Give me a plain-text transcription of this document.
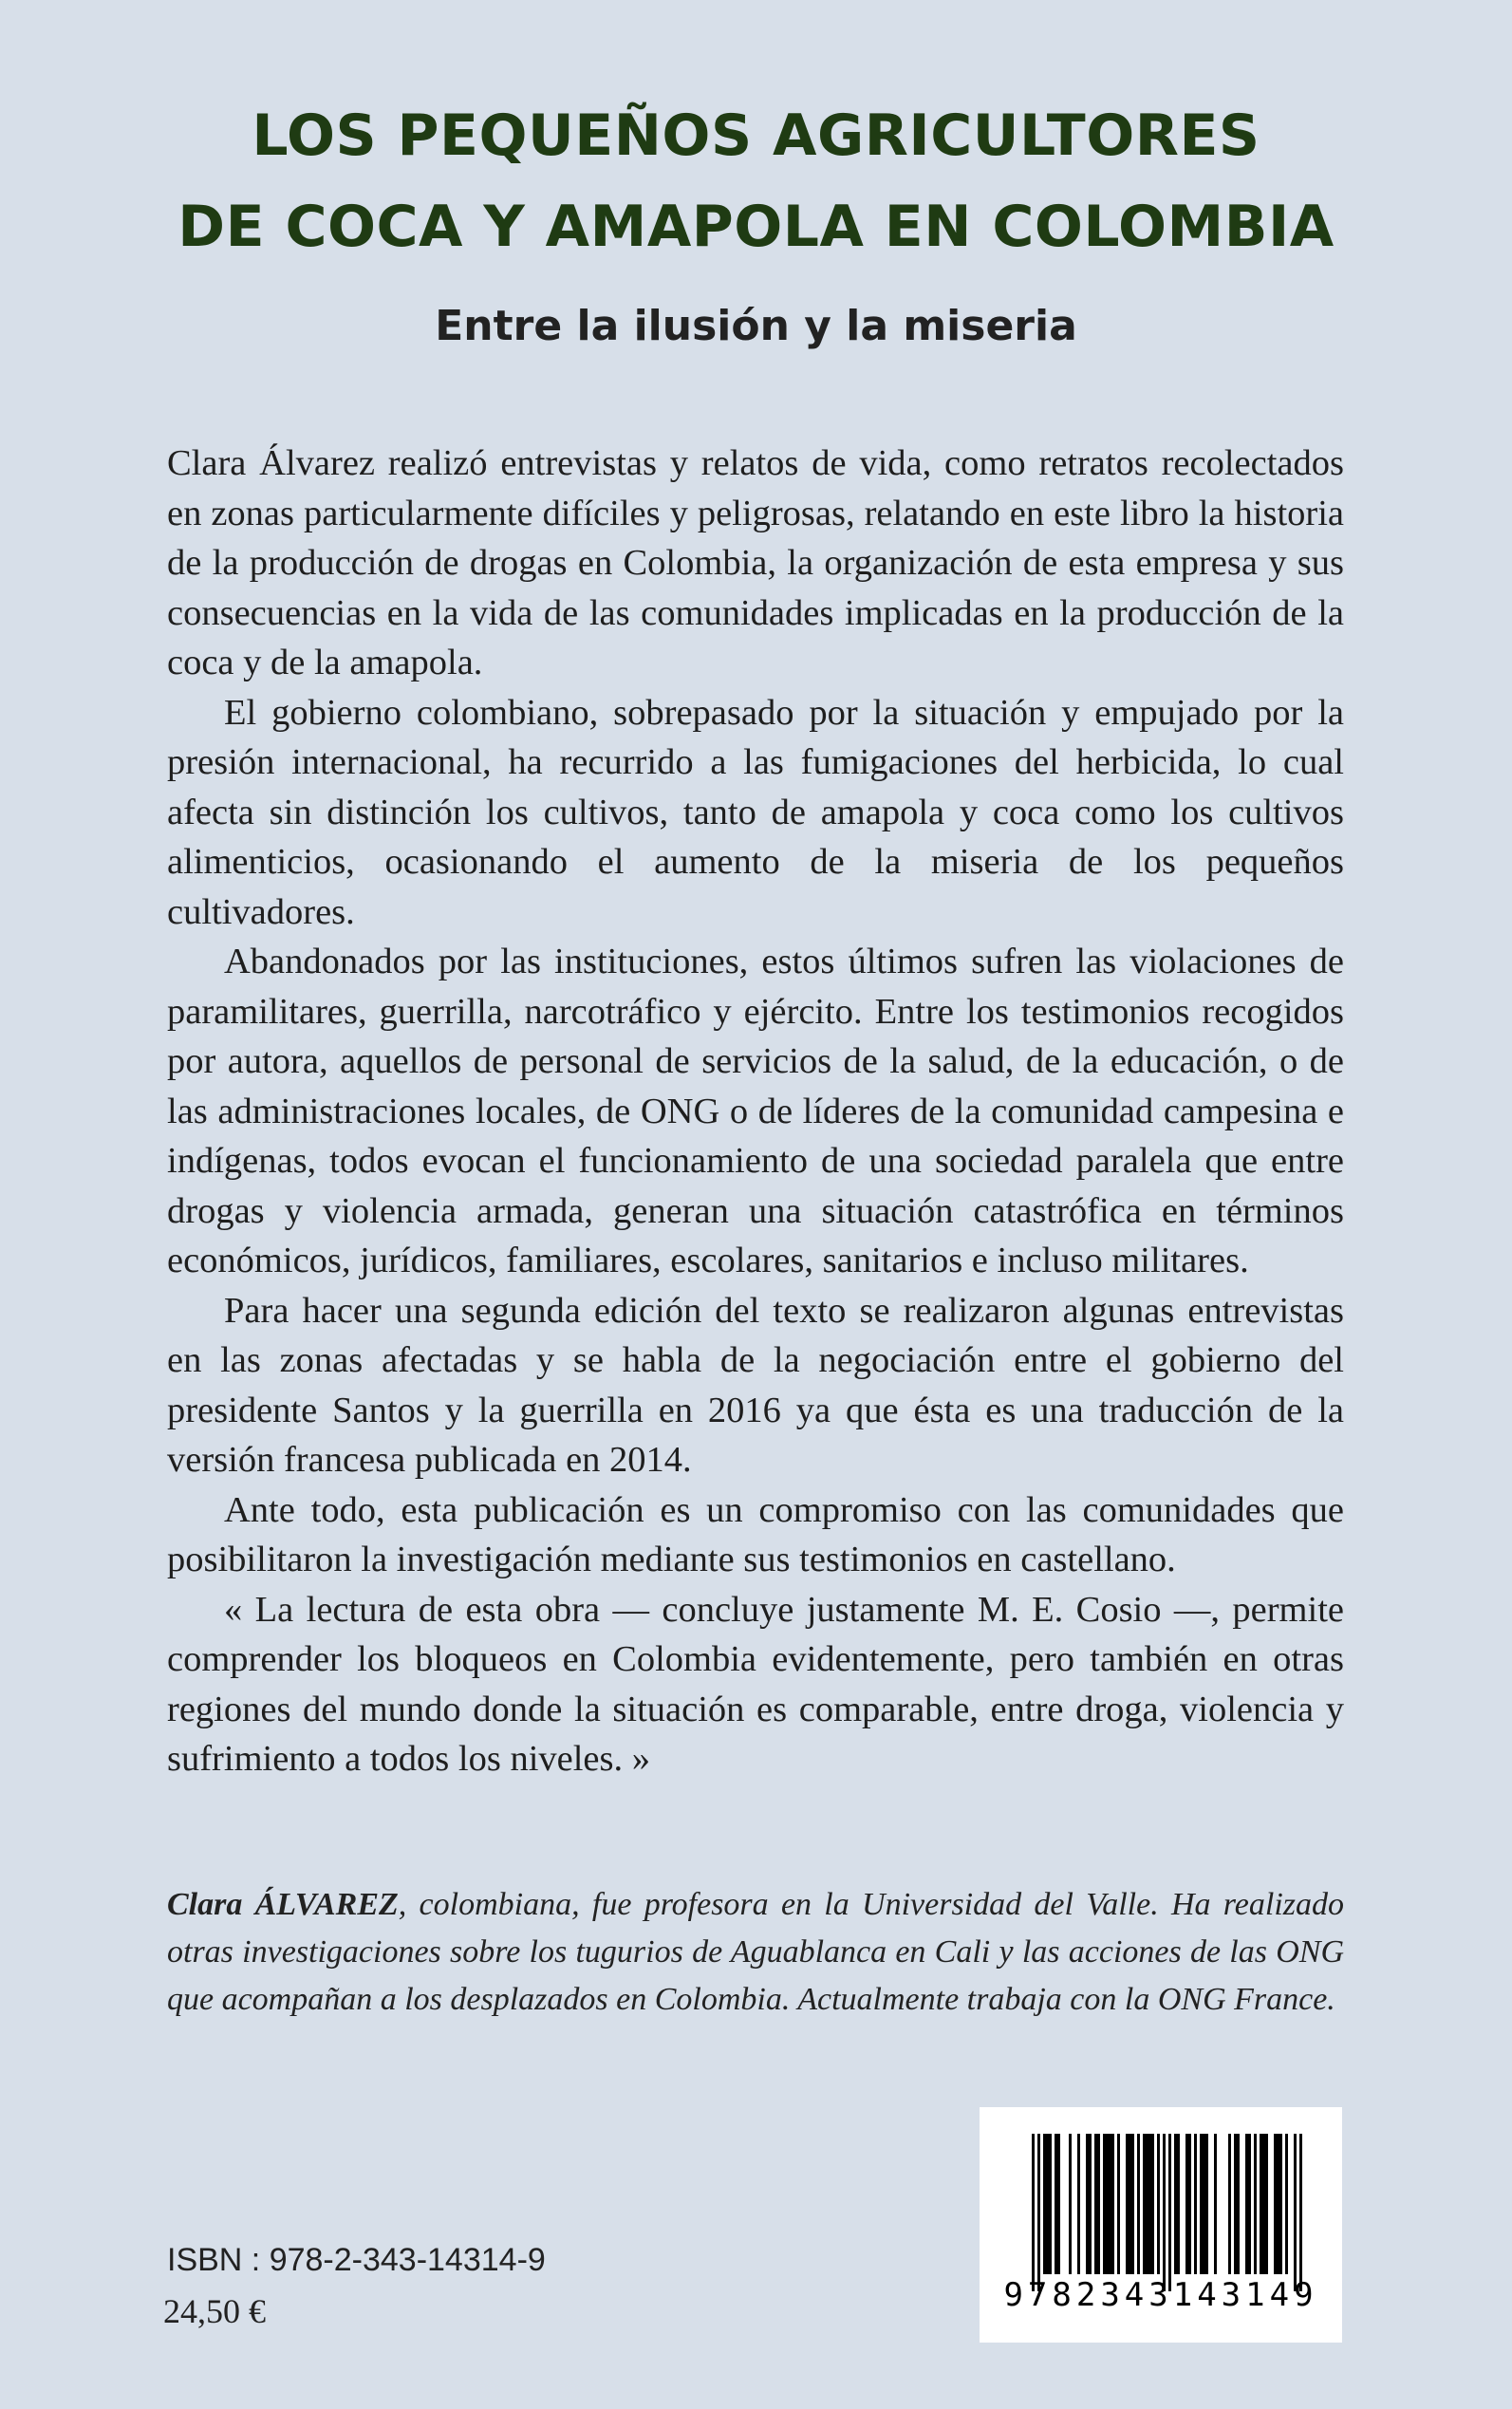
LOS PEQUEÑOS AGRICULTORES
DE COCA Y AMAPOLA EN COLOMBIA
Entre la ilusión y la miseria

Clara Álvarez realizó entrevistas y relatos de vida, como retratos recolectados en zonas particularmente difíciles y peligrosas, relatando en este libro la historia de la producción de drogas en Colombia, la organización de esta empresa y sus consecuencias en la vida de las comunidades implicadas en la producción de la coca y de la amapola.

El gobierno colombiano, sobrepasado por la situación y empujado por la presión internacional, ha recurrido a las fumigaciones del herbicida, lo cual afecta sin distinción los cultivos, tanto de amapola y coca como los cultivos alimenticios, ocasionando el aumento de la miseria de los pequeños cultivadores.

Abandonados por las instituciones, estos últimos sufren las violaciones de paramilitares, guerrilla, narcotráfico y ejército. Entre los testimonios recogidos por autora, aquellos de personal de servicios de la salud, de la educación, o de las administraciones locales, de ONG o de líderes de la comunidad campesina e indígenas, todos evocan el funcionamiento de una sociedad paralela que entre drogas y violencia armada, generan una situación catastrófica en términos económicos, jurídicos, familiares, escolares, sanitarios e incluso militares.

Para hacer una segunda edición del texto se realizaron algunas entrevistas en las zonas afectadas y se habla de la negociación entre el gobierno del presidente Santos y la guerrilla en 2016 ya que ésta es una traducción de la versión francesa publicada en 2014.

Ante todo, esta publicación es un compromiso con las comunidades que posibilitaron la investigación mediante sus testimonios en castellano.

« La lectura de esta obra — concluye justamente M. E. Cosio —, permite comprender los bloqueos en Colombia evidentemente, pero también en otras regiones del mundo donde la situación es comparable, entre droga, violencia y sufrimiento a todos los niveles. »

Clara ÁLVAREZ, colombiana, fue profesora en la Universidad del Valle. Ha realizado otras investigaciones sobre los tugurios de Aguablanca en Cali y las acciones de las ONG que acompañan a los desplazados en Colombia. Actualmente trabaja con la ONG France.

9782343143149
ISBN : 978-2-343-14314-9
24,50 €
